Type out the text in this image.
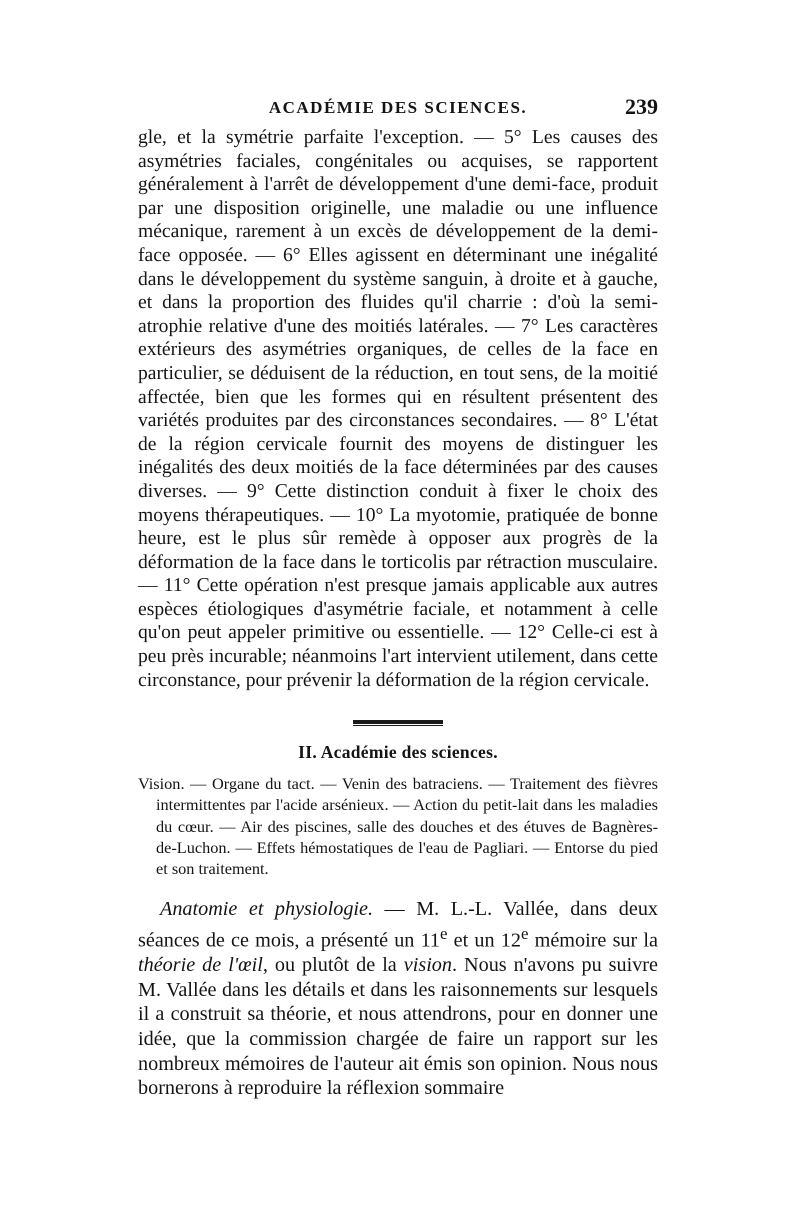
ACADÉMIE DES SCIENCES.	239

gle, et la symétrie parfaite l'exception. — 5° Les causes des asymétries faciales, congénitales ou acquises, se rapportent généralement à l'arrêt de développement d'une demi-face, produit par une disposition originelle, une maladie ou une influence mécanique, rarement à un excès de développement de la demi-face opposée. — 6° Elles agissent en déterminant une inégalité dans le développement du système sanguin, à droite et à gauche, et dans la proportion des fluides qu'il charrie : d'où la semi-atrophie relative d'une des moitiés latérales. — 7° Les caractères extérieurs des asymétries organiques, de celles de la face en particulier, se déduisent de la réduction, en tout sens, de la moitié affectée, bien que les formes qui en résultent présentent des variétés produites par des circonstances secondaires. — 8° L'état de la région cervicale fournit des moyens de distinguer les inégalités des deux moitiés de la face déterminées par des causes diverses. — 9° Cette distinction conduit à fixer le choix des moyens thérapeutiques. — 10° La myotomie, pratiquée de bonne heure, est le plus sûr remède à opposer aux progrès de la déformation de la face dans le torticolis par rétraction musculaire. — 11° Cette opération n'est presque jamais applicable aux autres espèces étiologiques d'asymétrie faciale, et notamment à celle qu'on peut appeler primitive ou essentielle. — 12° Celle-ci est à peu près incurable; néanmoins l'art intervient utilement, dans cette circonstance, pour prévenir la déformation de la région cervicale.

II. Académie des sciences.

Vision. — Organe du tact. — Venin des batraciens. — Traitement des fièvres intermittentes par l'acide arsénieux. — Action du petit-lait dans les maladies du cœur. — Air des piscines, salle des douches et des étuves de Bagnères-de-Luchon. — Effets hémostatiques de l'eau de Pagliari. — Entorse du pied et son traitement.

Anatomie et physiologie. — M. L.-L. Vallée, dans deux séances de ce mois, a présenté un 11e et un 12e mémoire sur la théorie de l'œil, ou plutôt de la vision. Nous n'avons pu suivre M. Vallée dans les détails et dans les raisonnements sur lesquels il a construit sa théorie, et nous attendrons, pour en donner une idée, que la commission chargée de faire un rapport sur les nombreux mémoires de l'auteur ait émis son opinion. Nous nous bornerons à reproduire la réflexion sommaire
